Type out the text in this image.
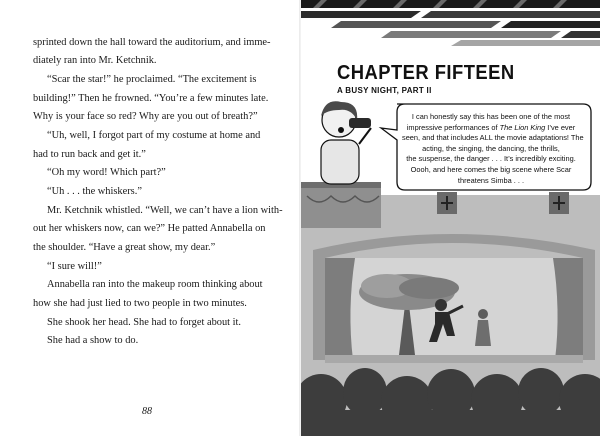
sprinted down the hall toward the auditorium, and imme-
diately ran into Mr. Ketchnik.
“Scar the star!” he proclaimed. “The excitement is
building!” Then he frowned. “You’re a few minutes late.
Why is your face so red? Why are you out of breath?”
“Uh, well, I forgot part of my costume at home and
had to run back and get it.”
“Oh my word! Which part?”
“Uh . . . the whiskers.”
Mr. Ketchnik whistled. “Well, we can’t have a lion with-
out her whiskers now, can we?” He patted Annabella on
the shoulder. “Have a great show, my dear.”
“I sure will!”
Annabella ran into the makeup room thinking about
how she had just lied to two people in two minutes.
She shook her head. She had to forget about it.
She had a show to do.
88
CHAPTER FIFTEEN
A BUSY NIGHT, PART II
I can honestly say this has been one of the most
impressive performances of The Lion King I’ve ever
seen, and that includes ALL the movie adaptations! The
acting, the singing, the dancing, the thrills,
the suspense, the danger . . . It’s incredibly exciting.
Oooh, and here comes the big scene where Scar
threatens Simba . . .
